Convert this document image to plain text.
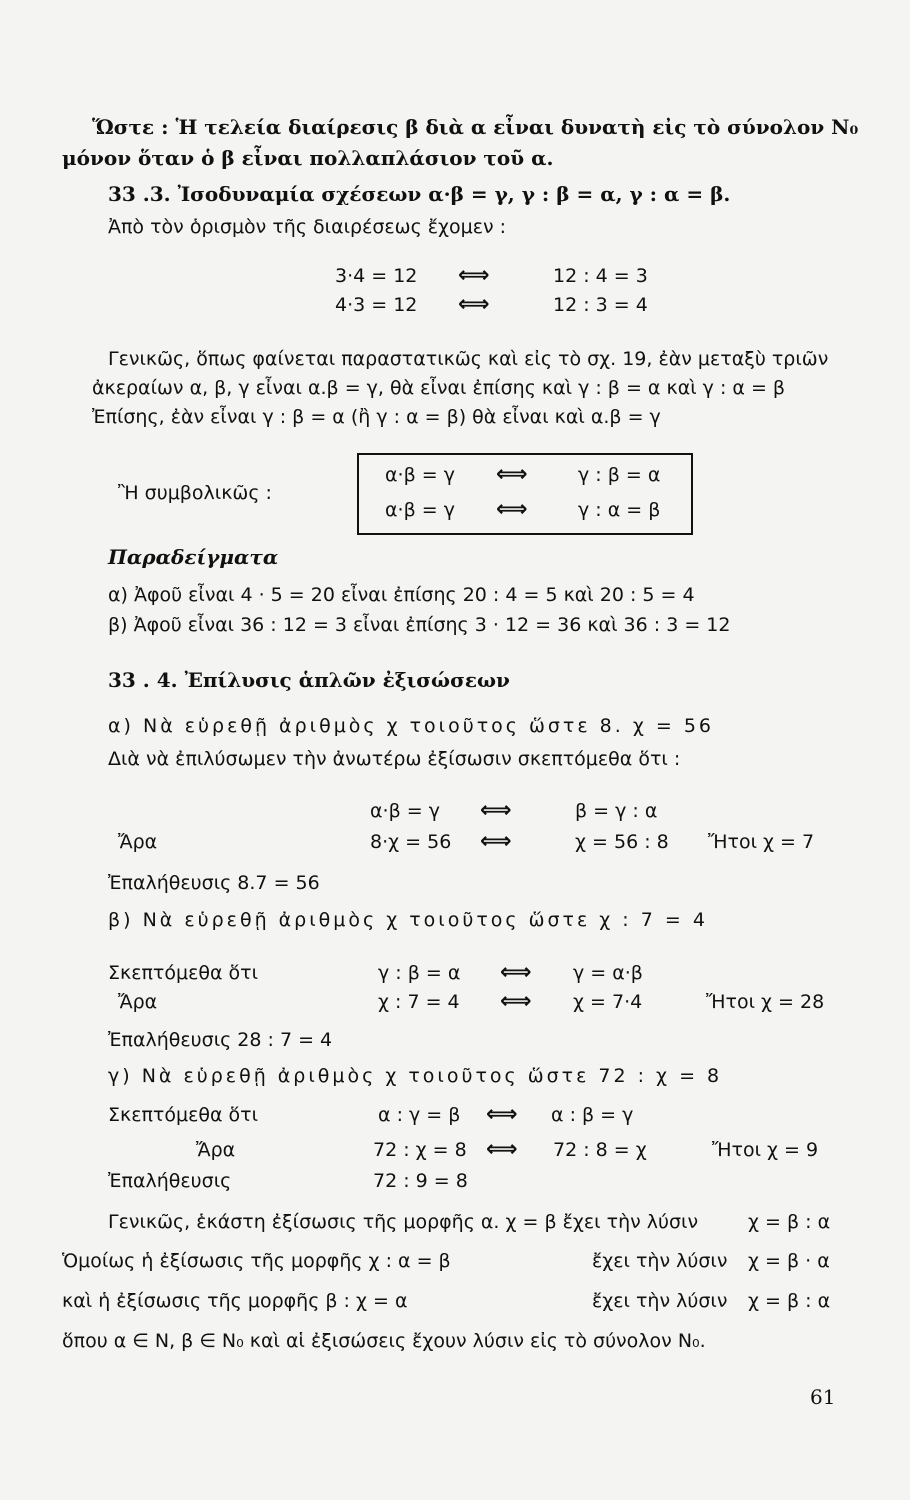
Ὥστε : Ἡ τελεία διαίρεσις β διὰ α εἶναι δυνατὴ εἰς τὸ σύνολον N₀
μόνον ὅταν ὁ β εἶναι πολλαπλάσιον τοῦ α.
33 .3. Ἰσοδυναμία σχέσεων α·β = γ, γ : β = α, γ : α = β.
Ἀπὸ τὸν ὁρισμὸν τῆς διαιρέσεως ἔχομεν :
3·4 = 12 ⟺	12 : 4 = 3
4·3 = 12 ⟺	12 : 3 = 4
Γενικῶς, ὅπως φαίνεται παραστατικῶς καὶ εἰς τὸ σχ. 19, ἐὰν μεταξὺ τριῶν
ἀκεραίων α, β, γ εἶναι α.β = γ, θὰ εἶναι ἐπίσης καὶ γ : β = α καὶ γ : α = β
Ἐπίσης, ἐὰν εἶναι γ : β = α (ἢ γ : α = β) θὰ εἶναι καὶ α.β = γ
Ἢ συμβολικῶς :
α·β = γ ⟺	γ : β = α
α·β = γ ⟺	γ : α = β
Παραδείγματα
α) Ἀφοῦ εἶναι 4 · 5 = 20 εἶναι ἐπίσης 20 : 4 = 5 καὶ 20 : 5 = 4
β) Ἀφοῦ εἶναι 36 : 12 = 3 εἶναι ἐπίσης 3 · 12 = 36 καὶ 36 : 3 = 12
33 . 4. Ἐπίλυσις ἁπλῶν ἐξισώσεων
α) Νὰ εὑρεθῇ ἀριθμὸς χ τοιοῦτος ὥστε 8. χ = 56
Διὰ νὰ ἐπιλύσωμεν τὴν ἀνωτέρω ἐξίσωσιν σκεπτόμεθα ὅτι :
α·β = γ ⟺	β = γ : α
Ἄρα	8·χ = 56 ⟺	χ = 56 : 8 Ἤτοι χ = 7
Ἐπαλήθευσις 8.7 = 56
β) Νὰ εὑρεθῇ ἀριθμὸς χ τοιοῦτος ὥστε χ : 7 = 4
Σκεπτόμεθα ὅτι	γ : β = α ⟺ γ = α·β
Ἄρα	χ : 7 = 4 ⟺ χ = 7·4	Ἤτοι χ = 28
Ἐπαλήθευσις 28 : 7 = 4
γ) Νὰ εὑρεθῇ ἀριθμὸς χ τοιοῦτος ὥστε 72 : χ = 8
Σκεπτόμεθα ὅτι	α : γ = β ⟺ α : β = γ
Ἄρα	72 : χ = 8 ⟺ 72 : 8 = χ	Ἤτοι χ = 9
Ἐπαλήθευσις	72 : 9 = 8
Γενικῶς, ἑκάστη ἐξίσωσις τῆς μορφῆς α. χ = β ἔχει τὴν λύσιν	χ = β : α
Ὁμοίως ἡ ἐξίσωσις τῆς μορφῆς χ : α = β	ἔχει τὴν λύσιν χ = β · α
καὶ ἡ ἐξίσωσις τῆς μορφῆς β : χ = α	ἔχει τὴν λύσιν χ = β : α
ὅπου α ∈ N, β ∈ N₀ καὶ αἱ ἐξισώσεις ἔχουν λύσιν εἰς τὸ σύνολον N₀.
61
